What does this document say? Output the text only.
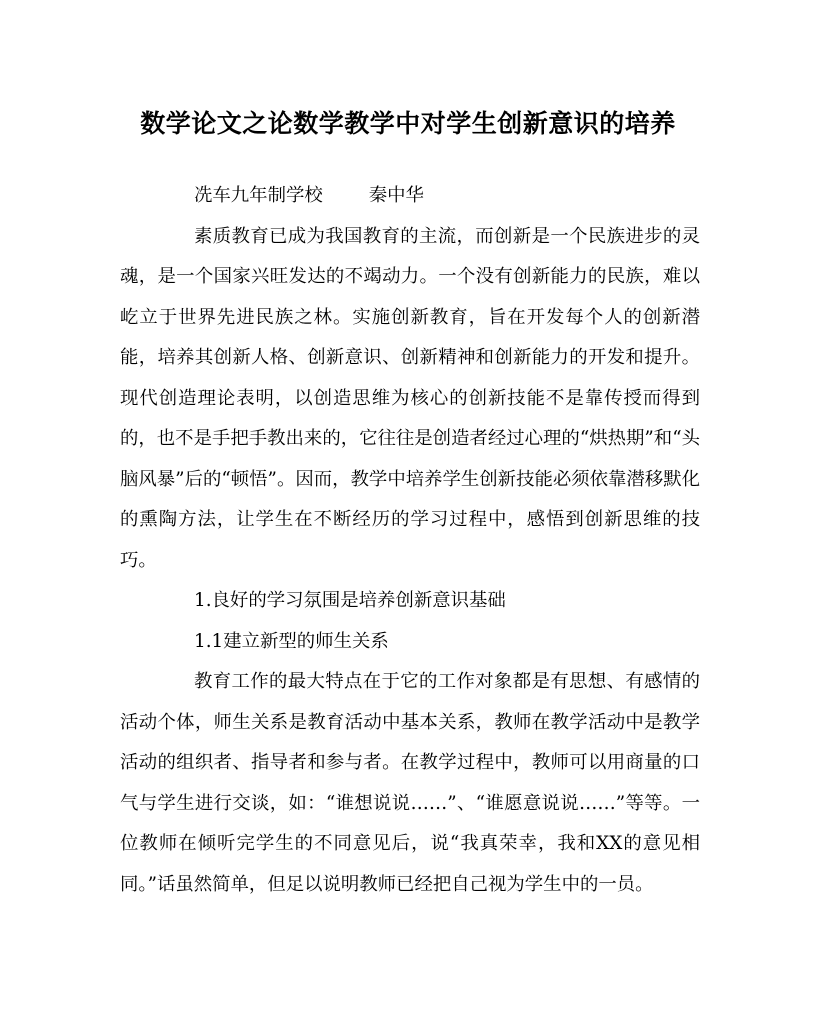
数学论文之论数学教学中对学生创新意识的培养

冼车九年制学校	秦中华

素质教育已成为我国教育的主流，而创新是一个民族进步的灵魂，是一个国家兴旺发达的不竭动力。一个没有创新能力的民族，难以屹立于世界先进民族之林。实施创新教育，旨在开发每个人的创新潜能，培养其创新人格、创新意识、创新精神和创新能力的开发和提升。现代创造理论表明，以创造思维为核心的创新技能不是靠传授而得到的，也不是手把手教出来的，它往往是创造者经过心理的“烘热期”和“头脑风暴”后的“顿悟”。因而，教学中培养学生创新技能必须依靠潜移默化的熏陶方法，让学生在不断经历的学习过程中，感悟到创新思维的技巧。

1.良好的学习氛围是培养创新意识基础

1.1建立新型的师生关系

教育工作的最大特点在于它的工作对象都是有思想、有感情的活动个体，师生关系是教育活动中基本关系，教师在教学活动中是教学活动的组织者、指导者和参与者。在教学过程中，教师可以用商量的口气与学生进行交谈，如：“谁想说说……”、“谁愿意说说……”等等。一位教师在倾听完学生的不同意见后，说“我真荣幸，我和XX的意见相同。”话虽然简单，但足以说明教师已经把自己视为学生中的一员。
